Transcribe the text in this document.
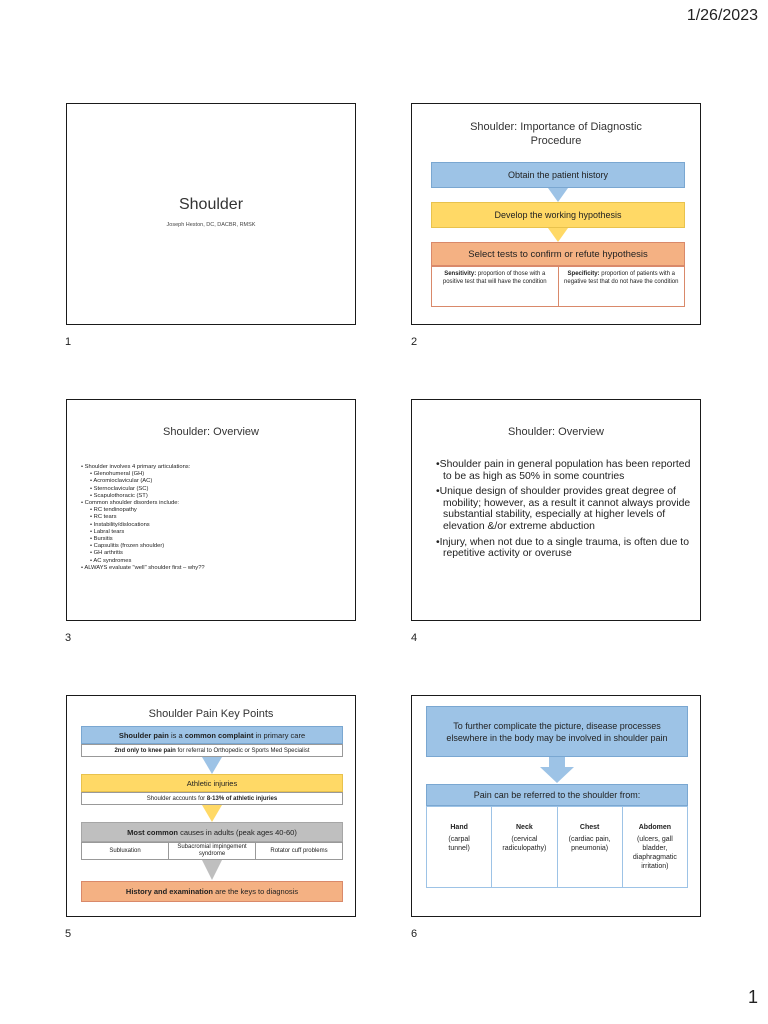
1/26/2023
Shoulder
Joseph Heston, DC, DACBR, RMSK
1
Shoulder: Importance of Diagnostic Procedure
Obtain the patient history
Develop the working hypothesis
Select tests to confirm or refute hypothesis
Sensitivity: proportion of those with a positive test that will have the condition
Specificity: proportion of patients with a negative test that do not have the condition
2
Shoulder: Overview
• Shoulder involves 4 primary articulations:
• Glenohumeral (GH)
• Acromioclavicular (AC)
• Sternoclavicular (SC)
• Scapulothoracic (ST)
• Common shoulder disorders include:
• RC tendinopathy
• RC tears
• Instability/dislocations
• Labral tears
• Bursitis
• Capsulitis (frozen shoulder)
• GH arthritis
• AC syndromes
• ALWAYS evaluate "well" shoulder first – why??
3
Shoulder: Overview

•Shoulder pain in general population has been reported to be as high as 50% in some countries

•Unique design of shoulder provides great degree of mobility; however, as a result it cannot always provide substantial stability, especially at higher levels of elevation &/or extreme abduction

•Injury, when not due to a single trauma, is often due to repetitive activity or overuse

4
Shoulder Pain Key Points
Shoulder pain is a common complaint in primary care
2nd only to knee pain for referral to Orthopedic or Sports Med Specialist
Athletic injuries
Shoulder accounts for 8-13% of athletic injuries
Most common causes in adults (peak ages 40-60)
Subluxation
Subacromial impingement syndrome
Rotator cuff problems
History and examination are the keys to diagnosis
5
To further complicate the picture, disease processes elsewhere in the body may be involved in shoulder pain
Pain can be referred to the shoulder from:
Hand
(carpal tunnel)
Neck
(cervical radiculopathy)
Chest
(cardiac pain, pneumonia)
Abdomen
(ulcers, gall bladder, diaphragmatic irritation)
6
1
